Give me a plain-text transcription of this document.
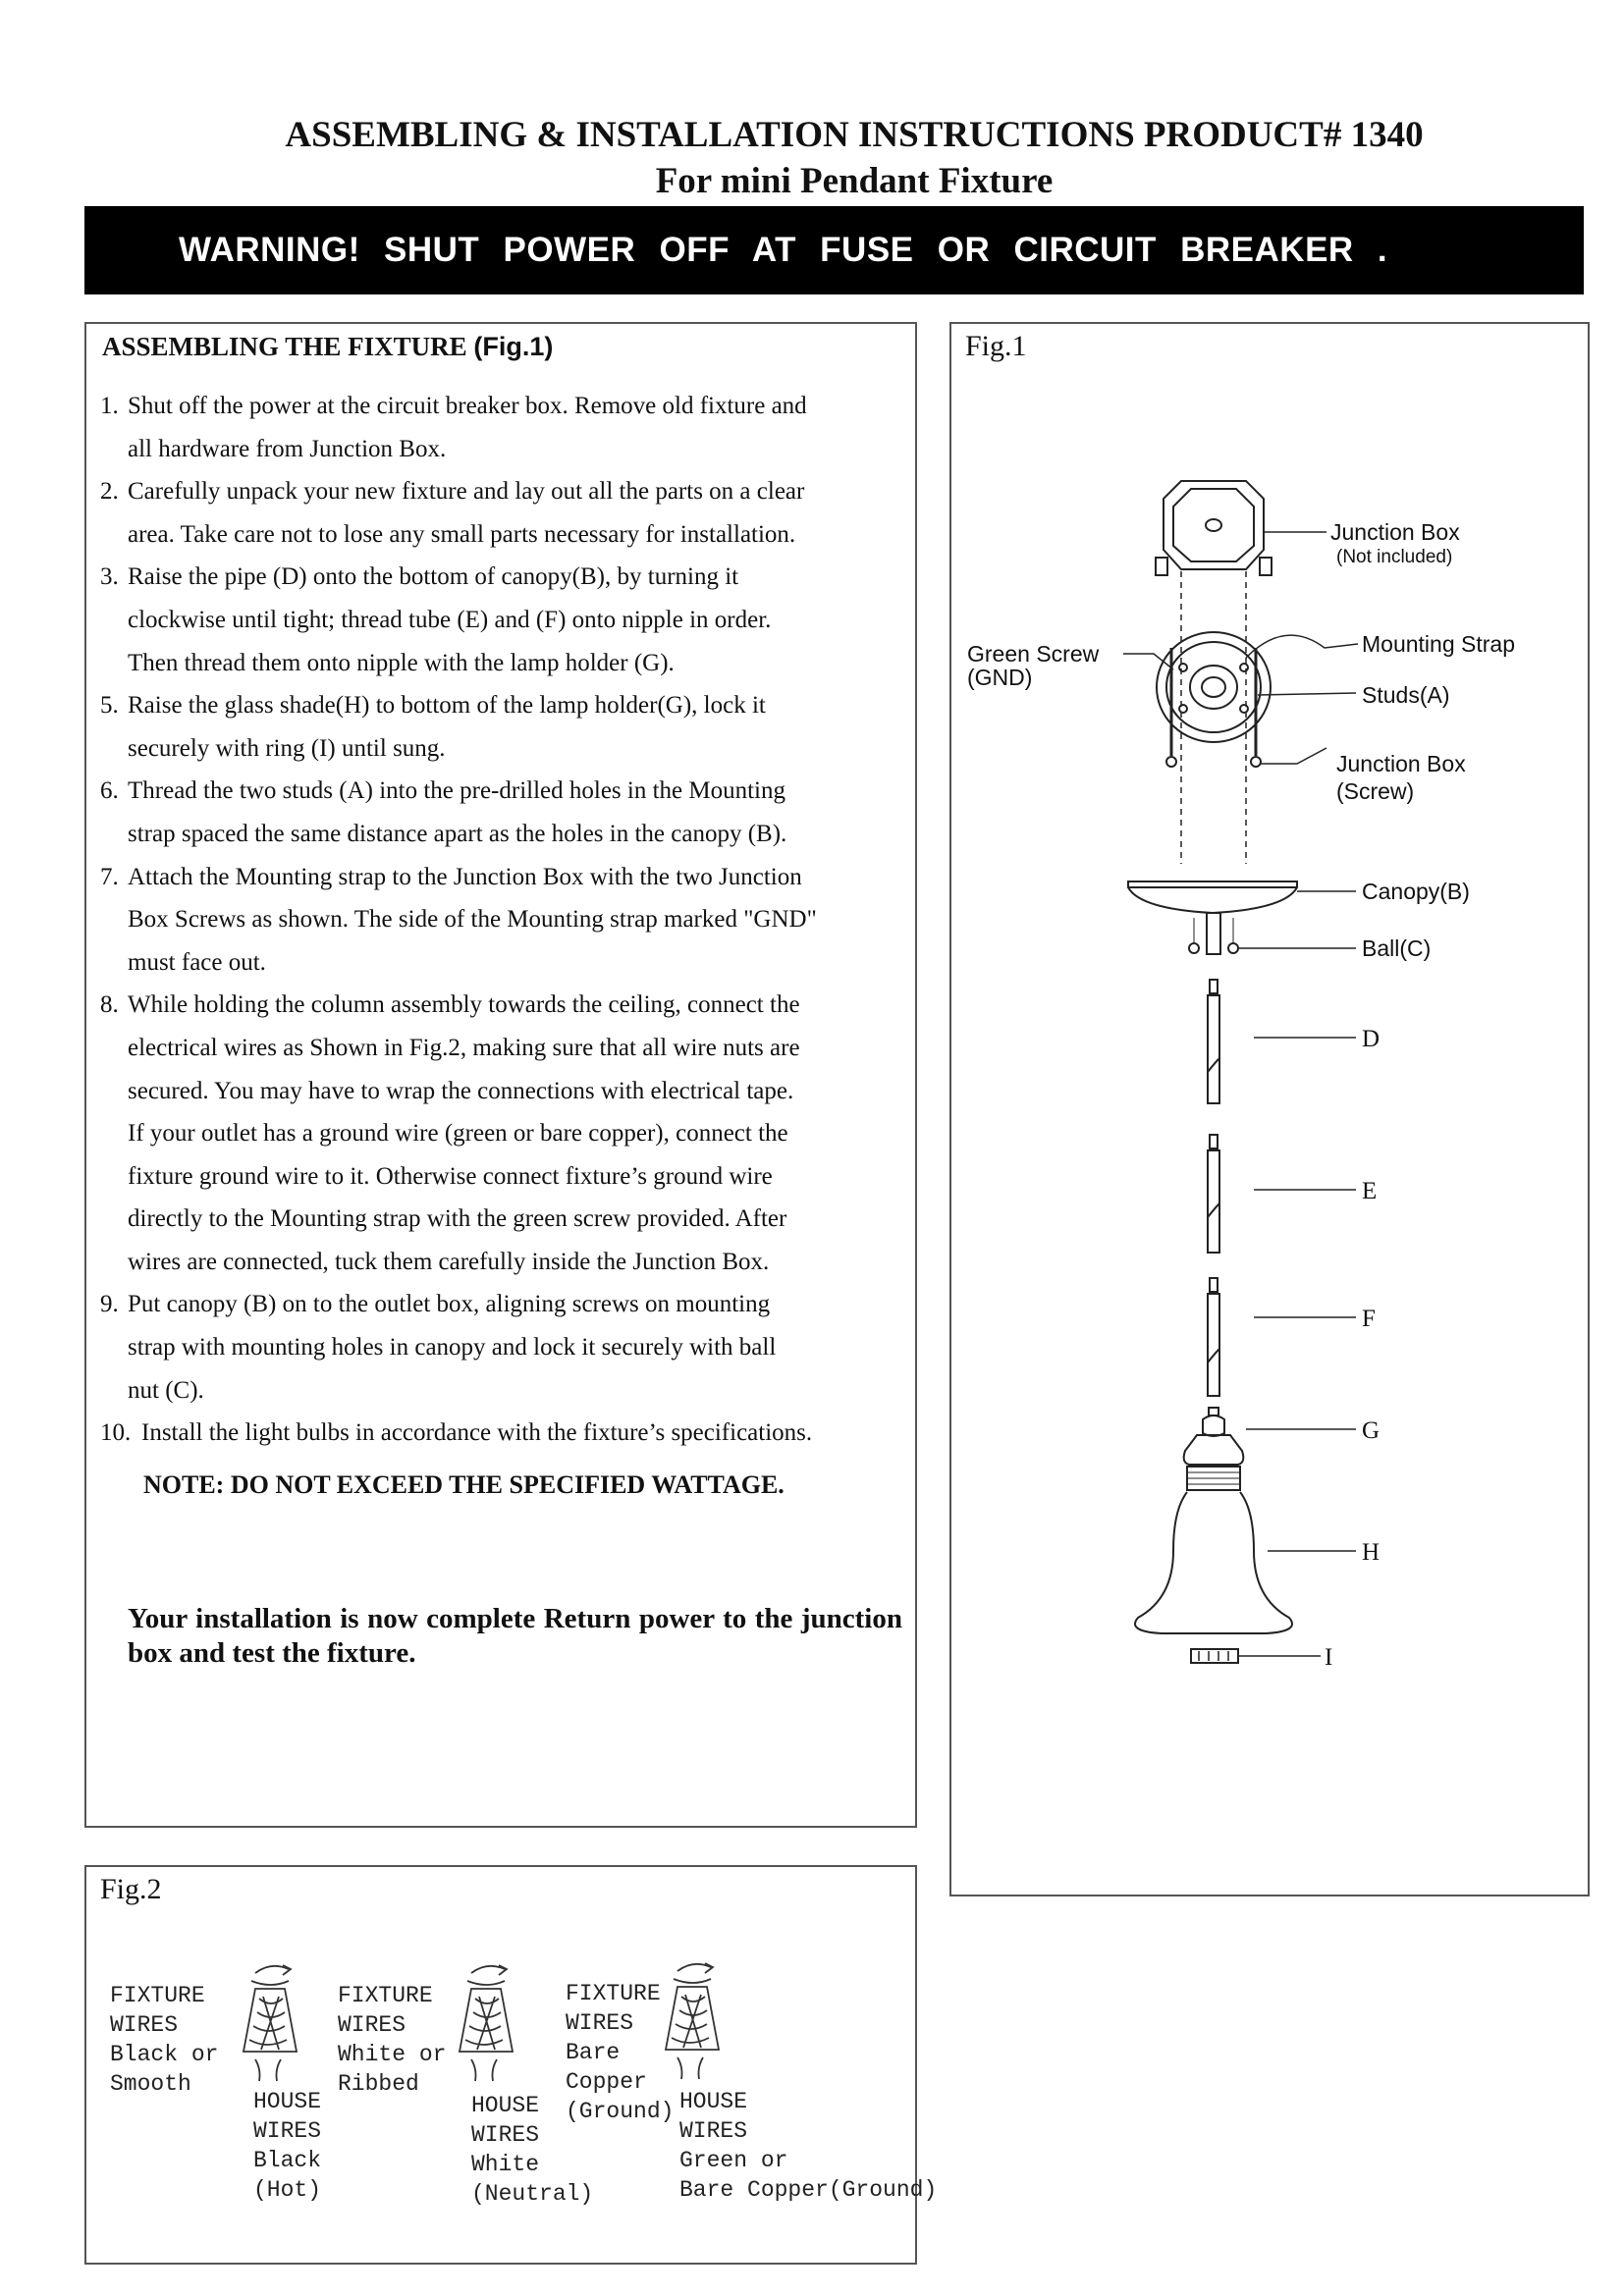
ASSEMBLING & INSTALLATION INSTRUCTIONS PRODUCT# 1340
For mini Pendant Fixture
WARNING! SHUT POWER OFF AT FUSE OR CIRCUIT BREAKER .
ASSEMBLING THE FIXTURE (Fig.1)
1. Shut off the power at the circuit breaker box. Remove old fixture and
all hardware from Junction Box.
2. Carefully unpack your new fixture and lay out all the parts on a clear
area. Take care not to lose any small parts necessary for installation.
3. Raise the pipe (D) onto the bottom of canopy(B), by turning it
clockwise until tight; thread tube (E) and (F) onto nipple in order.
Then thread them onto nipple with the lamp holder (G).
5. Raise the glass shade(H) to bottom of the lamp holder(G), lock it
securely with ring (I) until sung.
6. Thread the two studs (A) into the pre-drilled holes in the Mounting
strap spaced the same distance apart as the holes in the canopy (B).
7. Attach the Mounting strap to the Junction Box with the two Junction
Box Screws as shown. The side of the Mounting strap marked "GND"
must face out.
8. While holding the column assembly towards the ceiling, connect the
electrical wires as Shown in Fig.2, making sure that all wire nuts are
secured. You may have to wrap the connections with electrical tape.
If your outlet has a ground wire (green or bare copper), connect the
fixture ground wire to it. Otherwise connect fixture’s ground wire
directly to the Mounting strap with the green screw provided. After
wires are connected, tuck them carefully inside the Junction Box.
9. Put canopy (B) on to the outlet box, aligning screws on mounting
strap with mounting holes in canopy and lock it securely with ball
nut (C).
10. Install the light bulbs in accordance with the fixture’s specifications.
NOTE: DO NOT EXCEED THE SPECIFIED WATTAGE.
Your installation is now complete Return power to the junction box and test the fixture.
Fig.1
Junction Box
(Not included)
Mounting Strap
Studs(A)
Green Screw
(GND)
Junction Box
(Screw)
Canopy(B)
Ball(C)
D
E
F
G
H
I
Fig.2
FIXTURE
WIRES
Black or
Smooth
HOUSE
WIRES
Black
(Hot)
FIXTURE
WIRES
White or
Ribbed
HOUSE
WIRES
White
(Neutral)
FIXTURE
WIRES
Bare
Copper
(Ground) HOUSE
WIRES
Green or
Bare Copper(Ground)
